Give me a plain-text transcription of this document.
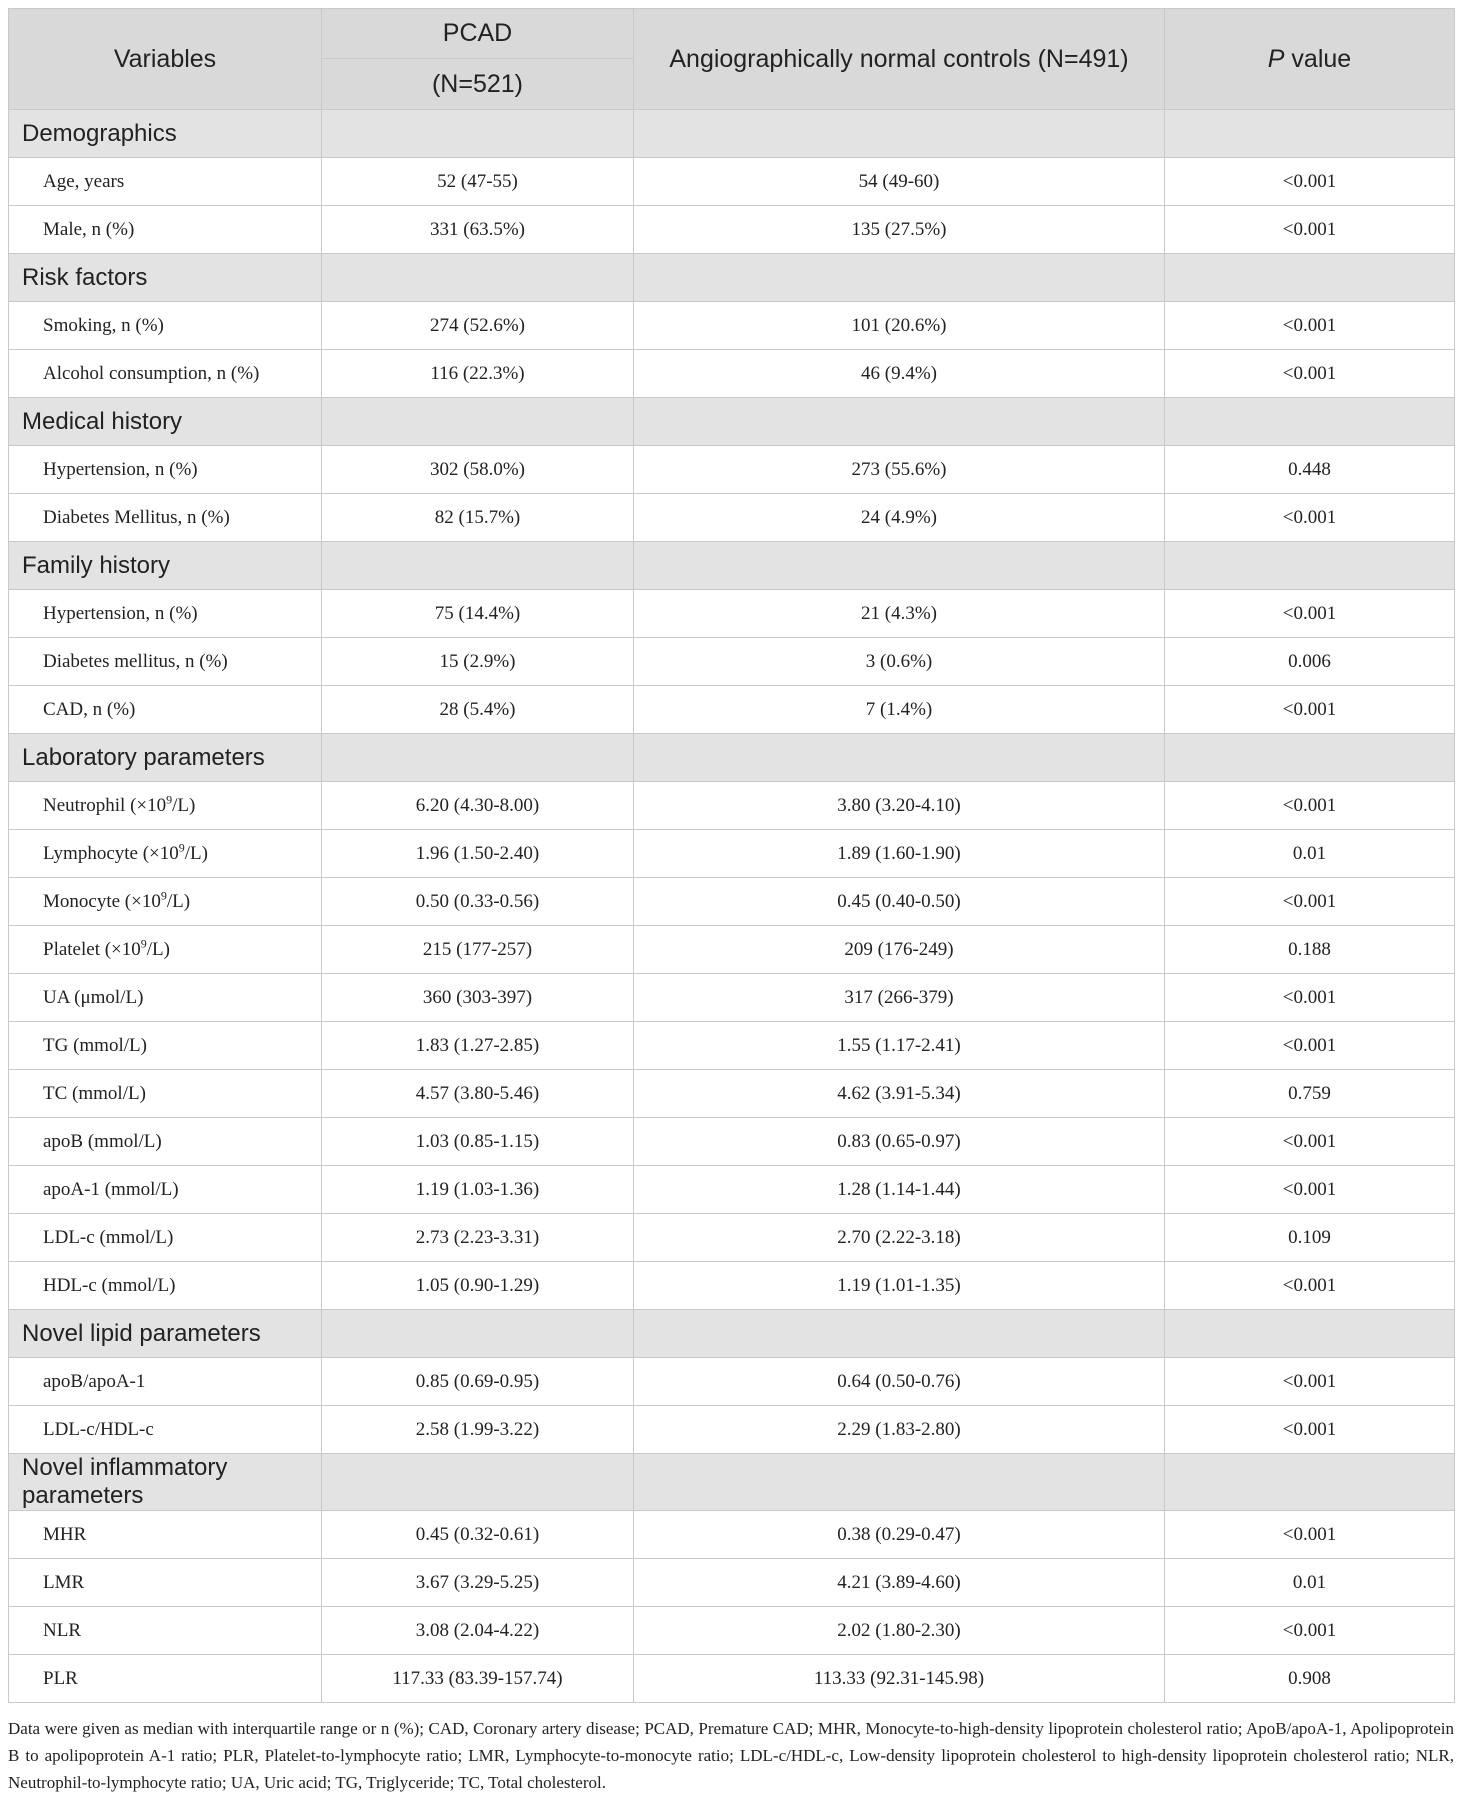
Variables	PCAD	Angiographically normal controls (N=491)	P value
	(N=521)		
Demographics			
Age, years	52 (47-55)	54 (49-60)	<0.001
Male, n (%)	331 (63.5%)	135 (27.5%)	<0.001
Risk factors			
Smoking, n (%)	274 (52.6%)	101 (20.6%)	<0.001
Alcohol consumption, n (%)	116 (22.3%)	46 (9.4%)	<0.001
Medical history			
Hypertension, n (%)	302 (58.0%)	273 (55.6%)	0.448
Diabetes Mellitus, n (%)	82 (15.7%)	24 (4.9%)	<0.001
Family history			
Hypertension, n (%)	75 (14.4%)	21 (4.3%)	<0.001
Diabetes mellitus, n (%)	15 (2.9%)	3 (0.6%)	0.006
CAD, n (%)	28 (5.4%)	7 (1.4%)	<0.001
Laboratory parameters			
Neutrophil $(\times 10^9/L)$	6.20 (4.30-8.00)	3.80 (3.20-4.10)	<0.001
Lymphocyte $(\times 10^9/L)$	1.96 (1.50-2.40)	1.89 (1.60-1.90)	0.01
Monocyte $(\times 10^9/L)$	0.50 (0.33-0.56)	0.45 (0.40-0.50)	<0.001
Platelet $(\times 10^9/L)$	215 (177-257)	209 (176-249)	0.188
UA (μmol/L)	360 (303-397)	317 (266-379)	<0.001
TG (mmol/L)	1.83 (1.27-2.85)	1.55 (1.17-2.41)	<0.001
TC (mmol/L)	4.57 (3.80-5.46)	4.62 (3.91-5.34)	0.759
apoB (mmol/L)	1.03 (0.85-1.15)	0.83 (0.65-0.97)	<0.001
apoA-1 (mmol/L)	1.19 (1.03-1.36)	1.28 (1.14-1.44)	<0.001
LDL-c (mmol/L)	2.73 (2.23-3.31)	2.70 (2.22-3.18)	0.109
HDL-c (mmol/L)	1.05 (0.90-1.29)	1.19 (1.01-1.35)	<0.001
Novel lipid parameters			
apoB/apoA-1	0.85 (0.69-0.95)	0.64 (0.50-0.76)	<0.001
LDL-c/HDL-c	2.58 (1.99-3.22)	2.29 (1.83-2.80)	<0.001
Novel inflammatory parameters			
MHR	0.45 (0.32-0.61)	0.38 (0.29-0.47)	<0.001
LMR	3.67 (3.29-5.25)	4.21 (3.89-4.60)	0.01
NLR	3.08 (2.04-4.22)	2.02 (1.80-2.30)	<0.001
PLR	117.33 (83.39-157.74)	113.33 (92.31-145.98)	0.908
Data were given as median with interquartile range or n (%); CAD, Coronary artery disease; PCAD, Premature CAD; MHR, Monocyte-to-high-density lipoprotein cholesterol ratio; ApoB/apoA-1, Apolipoprotein B to apolipoprotein A-1 ratio; PLR, Platelet-to-lymphocyte ratio; LMR, Lymphocyte-to-monocyte ratio; LDL-c/HDL-c, Low-density lipoprotein cholesterol to high-density lipoprotein cholesterol ratio; NLR, Neutrophil-to-lymphocyte ratio; UA, Uric acid; TG, Triglyceride; TC, Total cholesterol.
